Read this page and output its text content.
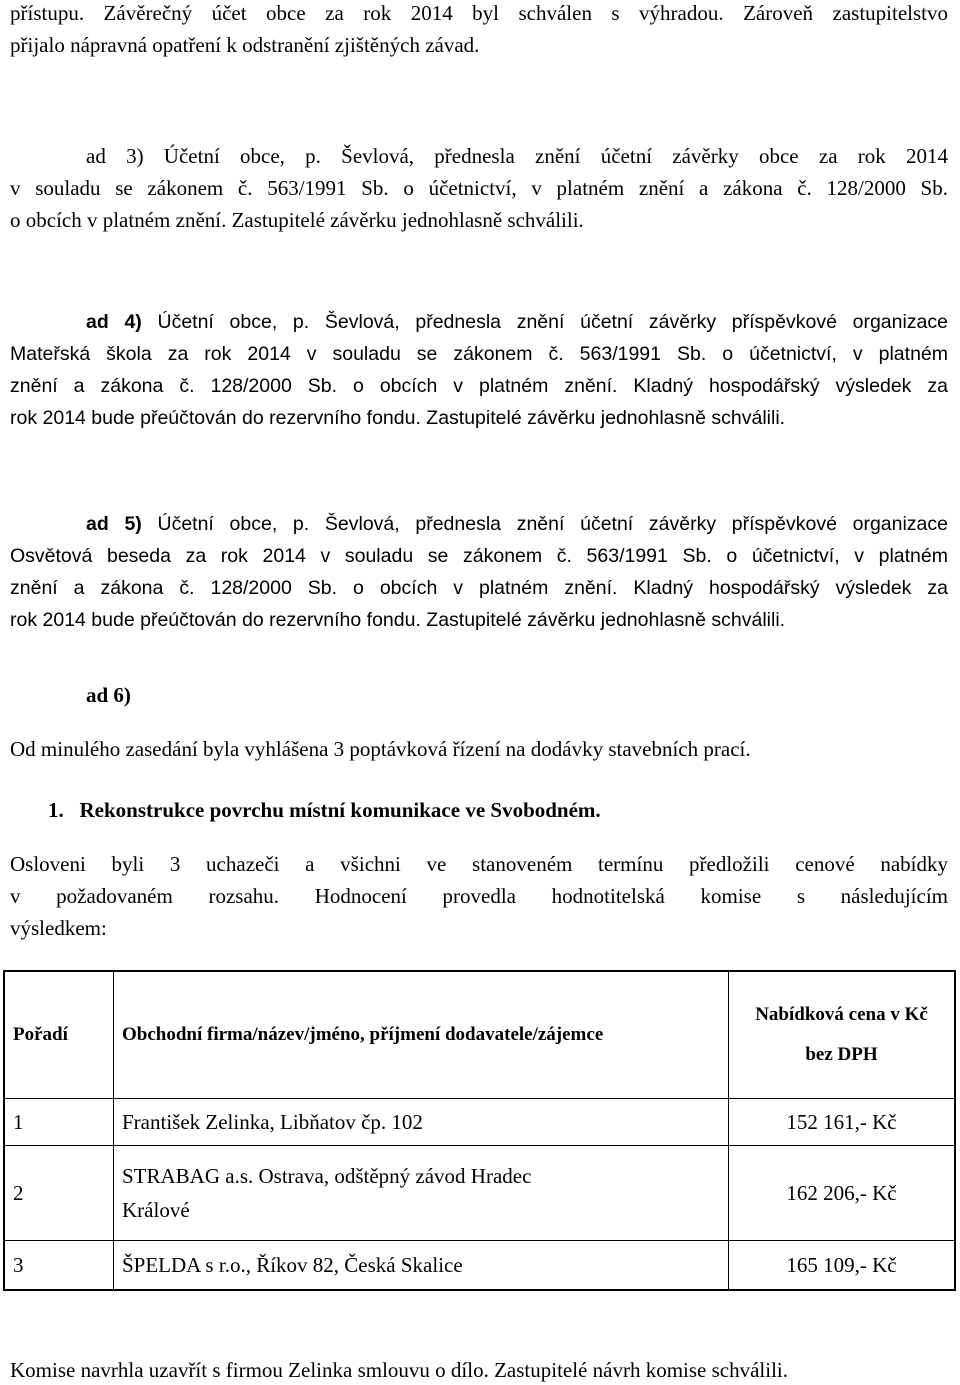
přístupu. Závěrečný účet obce za rok 2014 byl schválen s výhradou. Zároveň zastupitelstvo
přijalo nápravná opatření k odstranění zjištěných závad.
ad 3) Účetní obce, p. Ševlová, přednesla znění účetní závěrky obce za rok 2014
v souladu se zákonem č. 563/1991 Sb. o účetnictví, v platném znění a zákona č. 128/2000 Sb.
o obcích v platném znění. Zastupitelé závěrku jednohlasně schválili.
ad 4) Účetní obce, p. Ševlová, přednesla znění účetní závěrky příspěvkové organizace
Mateřská škola za rok 2014 v souladu se zákonem č. 563/1991 Sb. o účetnictví, v platném
znění a zákona č. 128/2000 Sb. o obcích v platném znění. Kladný hospodářský výsledek za
rok 2014 bude přeúčtován do rezervního fondu. Zastupitelé závěrku jednohlasně schválili.
ad 5) Účetní obce, p. Ševlová, přednesla znění účetní závěrky příspěvkové organizace
Osvětová beseda za rok 2014 v souladu se zákonem č. 563/1991 Sb. o účetnictví, v platném
znění a zákona č. 128/2000 Sb. o obcích v platném znění. Kladný hospodářský výsledek za
rok 2014 bude přeúčtován do rezervního fondu. Zastupitelé závěrku jednohlasně schválili.

ad 6)

Od minulého zasedání byla vyhlášena 3 poptávková řízení na dodávky stavebních prací.

1.   Rekonstrukce povrchu místní komunikace ve Svobodném.

Osloveni byli 3 uchazeči a všichni ve stanoveném termínu předložili cenové nabídky
v požadovaném rozsahu. Hodnocení provedla hodnotitelská komise s následujícím
výsledkem:
Pořadí	Obchodní firma/název/jméno, příjmení dodavatele/zájemce	Nabídková cena v Kč
bez DPH
1	František Zelinka, Libňatov čp. 102	152 161,- Kč
2	STRABAG a.s. Ostrava, odštěpný závod Hradec
Králové	162 206,- Kč
3	ŠPELDA s r.o., Říkov 82, Česká Skalice	165 109,- Kč

Komise navrhla uzavřít s firmou Zelinka smlouvu o dílo. Zastupitelé návrh komise schválili.
